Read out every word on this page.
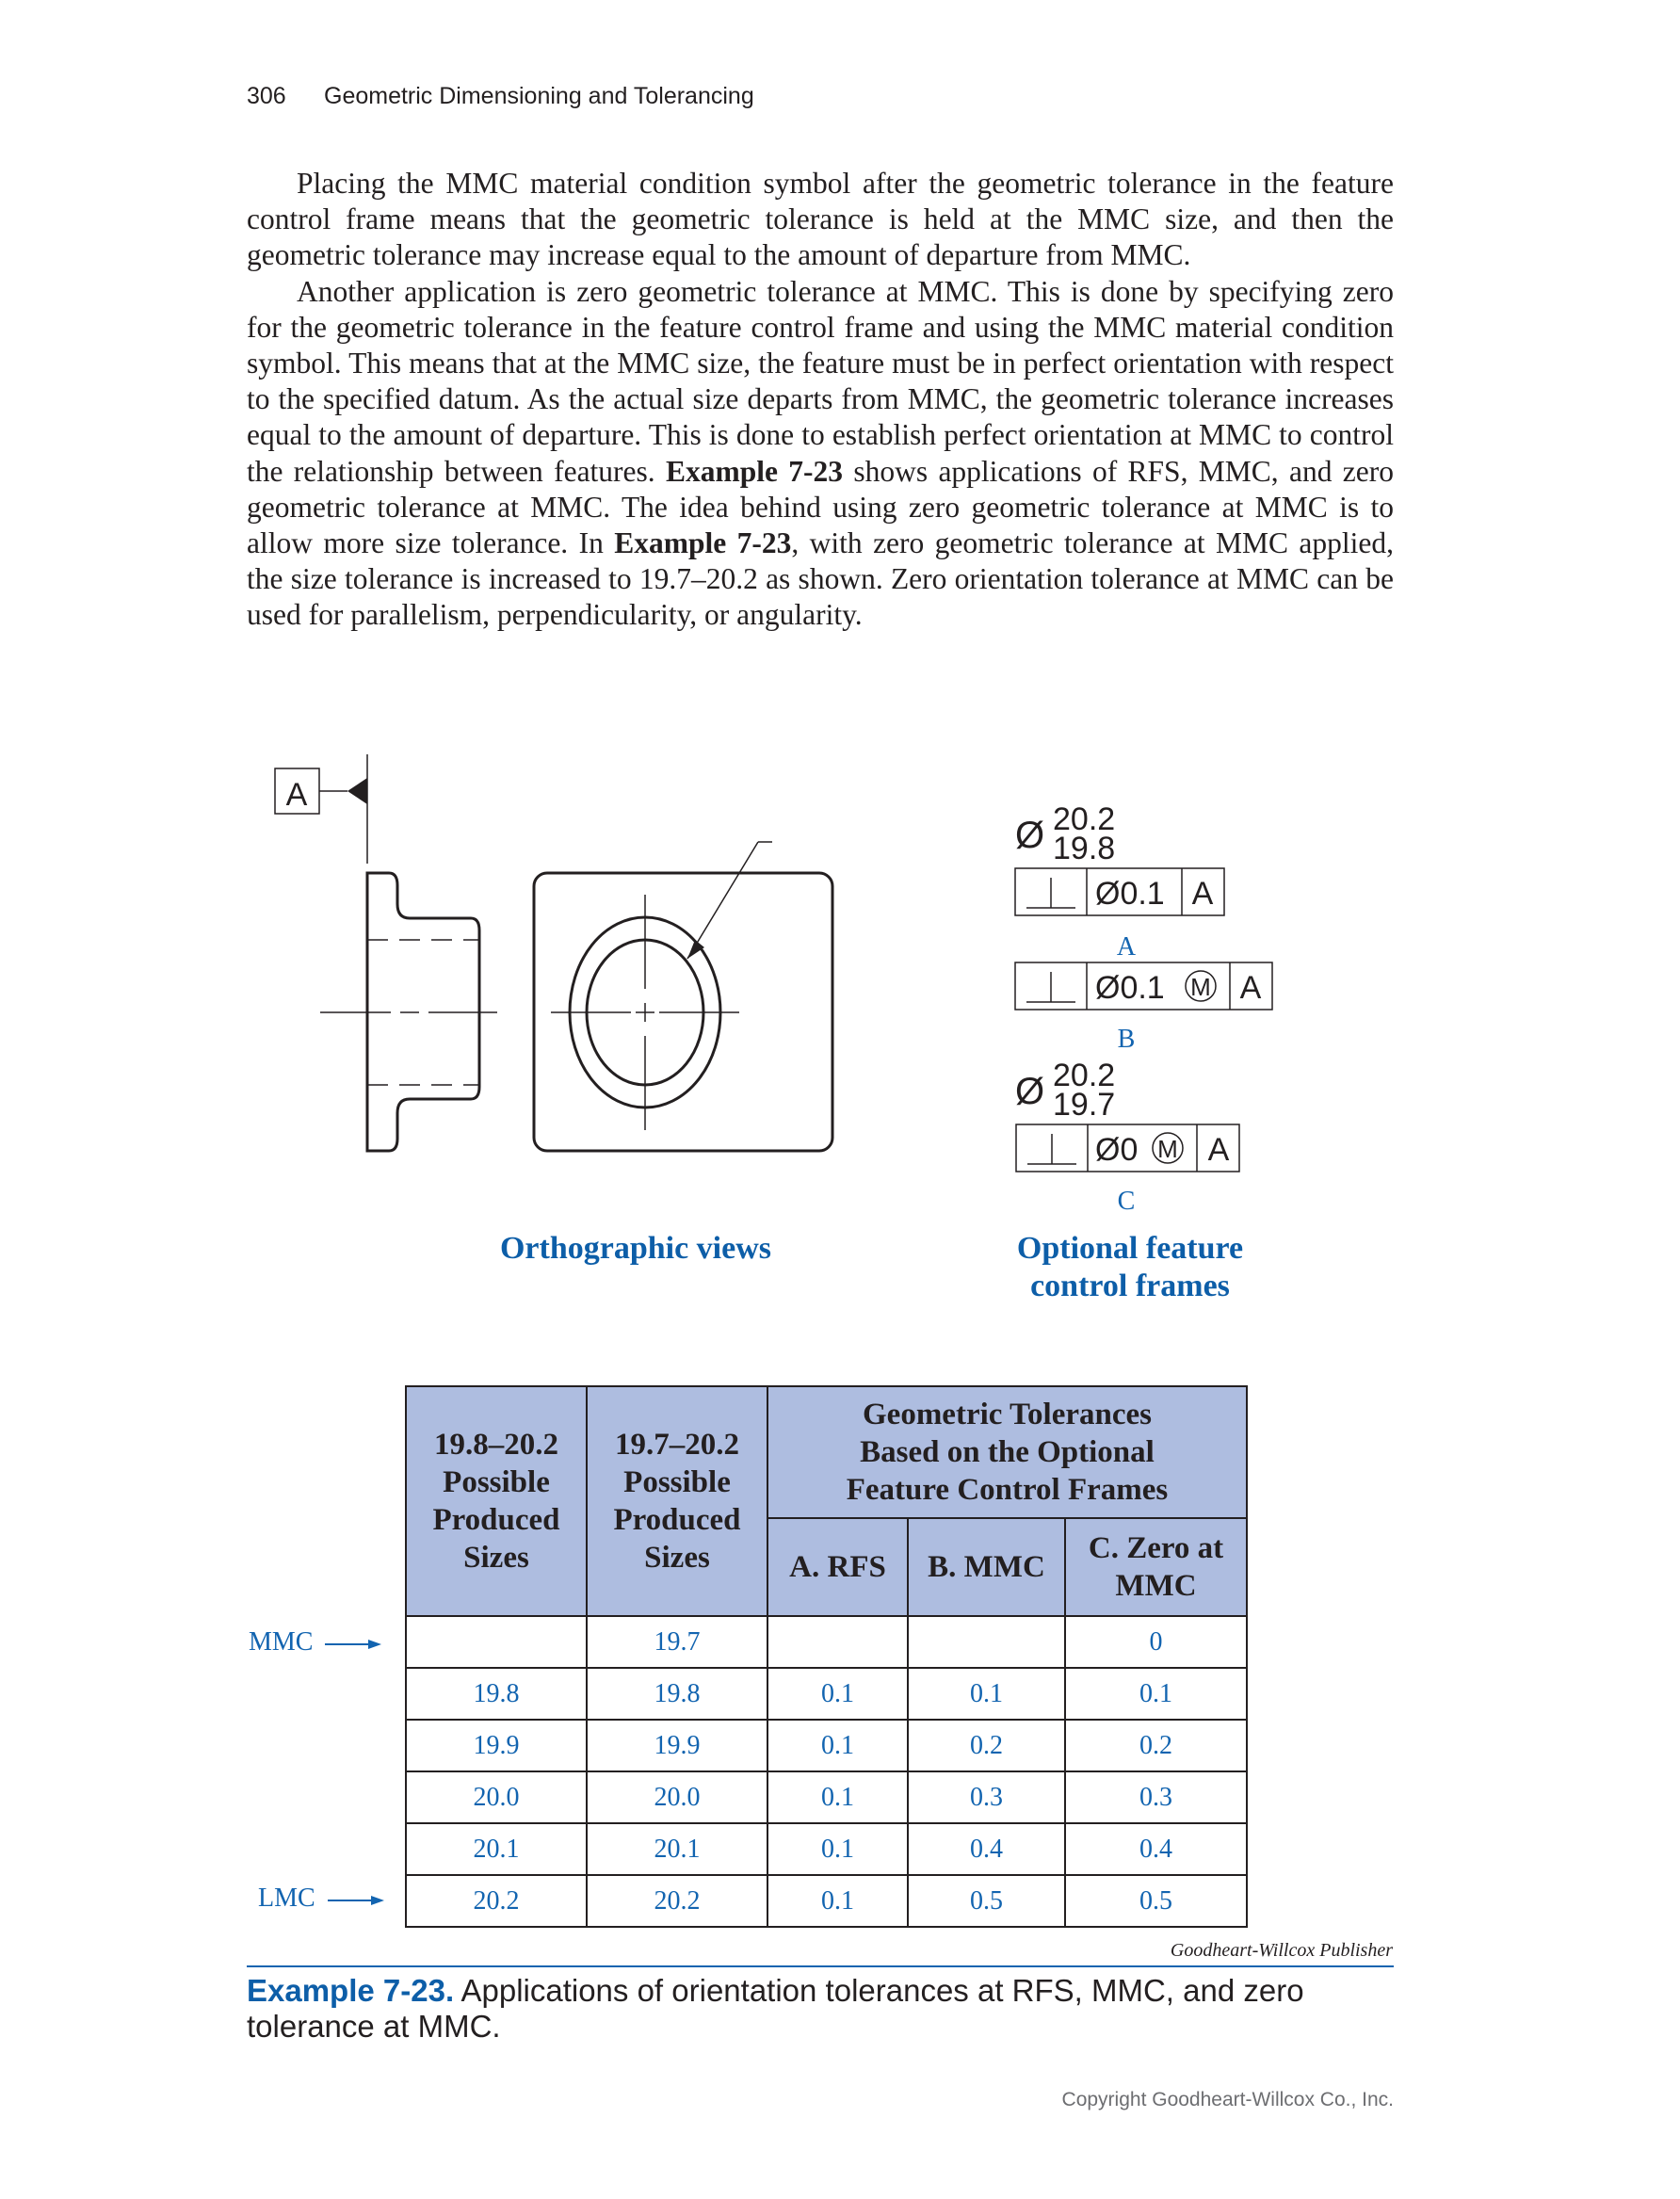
306 Geometric Dimensioning and Tolerancing

Placing the MMC material condition symbol after the geometric tolerance in the feature control frame means that the geometric tolerance is held at the MMC size, and then the geometric tolerance may increase equal to the amount of departure from MMC.

Another application is zero geometric tolerance at MMC. This is done by specifying zero for the geometric tolerance in the feature control frame and using the MMC material condition symbol. This means that at the MMC size, the feature must be in perfect orientation with respect to the specified datum. As the actual size departs from MMC, the geometric tolerance increases equal to the amount of departure. This is done to establish perfect orientation at MMC to control the relationship between features. Example 7-23 shows applications of RFS, MMC, and zero geometric tolerance at MMC. The idea behind using zero geometric tolerance at MMC is to allow more size tolerance. In Example 7-23, with zero geometric tolerance at MMC applied, the size tolerance is increased to 19.7–20.2 as shown. Zero orientation tolerance at MMC can be used for parallelism, perpendicularity, or angularity.

A
Ø 20.2
19.8
Ø0.1 A
Ø0.1 M A
Ø 20.2
19.7
Ø0 M A
A
B
C
Orthographic views	Optional feature
control frames
19.8–20.2
Possible
Produced
Sizes

19.7–20.2
Possible
Produced
Sizes

Geometric Tolerances
Based on the Optional
Feature Control Frames

		A. RFS	B. MMC	C. Zero at
MMC

	19.7			0
19.8	19.8	0.1	0.1	0.1
19.9	19.9	0.1	0.2	0.2
20.0	20.0	0.1	0.3	0.3
20.1	20.1	0.1	0.4	0.4
20.2	20.2	0.1	0.5	0.5
MMC
LMC
Goodheart-Willcox Publisher
Example 7-23. Applications of orientation tolerances at RFS, MMC, and zero tolerance at MMC.
Copyright Goodheart-Willcox Co., Inc.
